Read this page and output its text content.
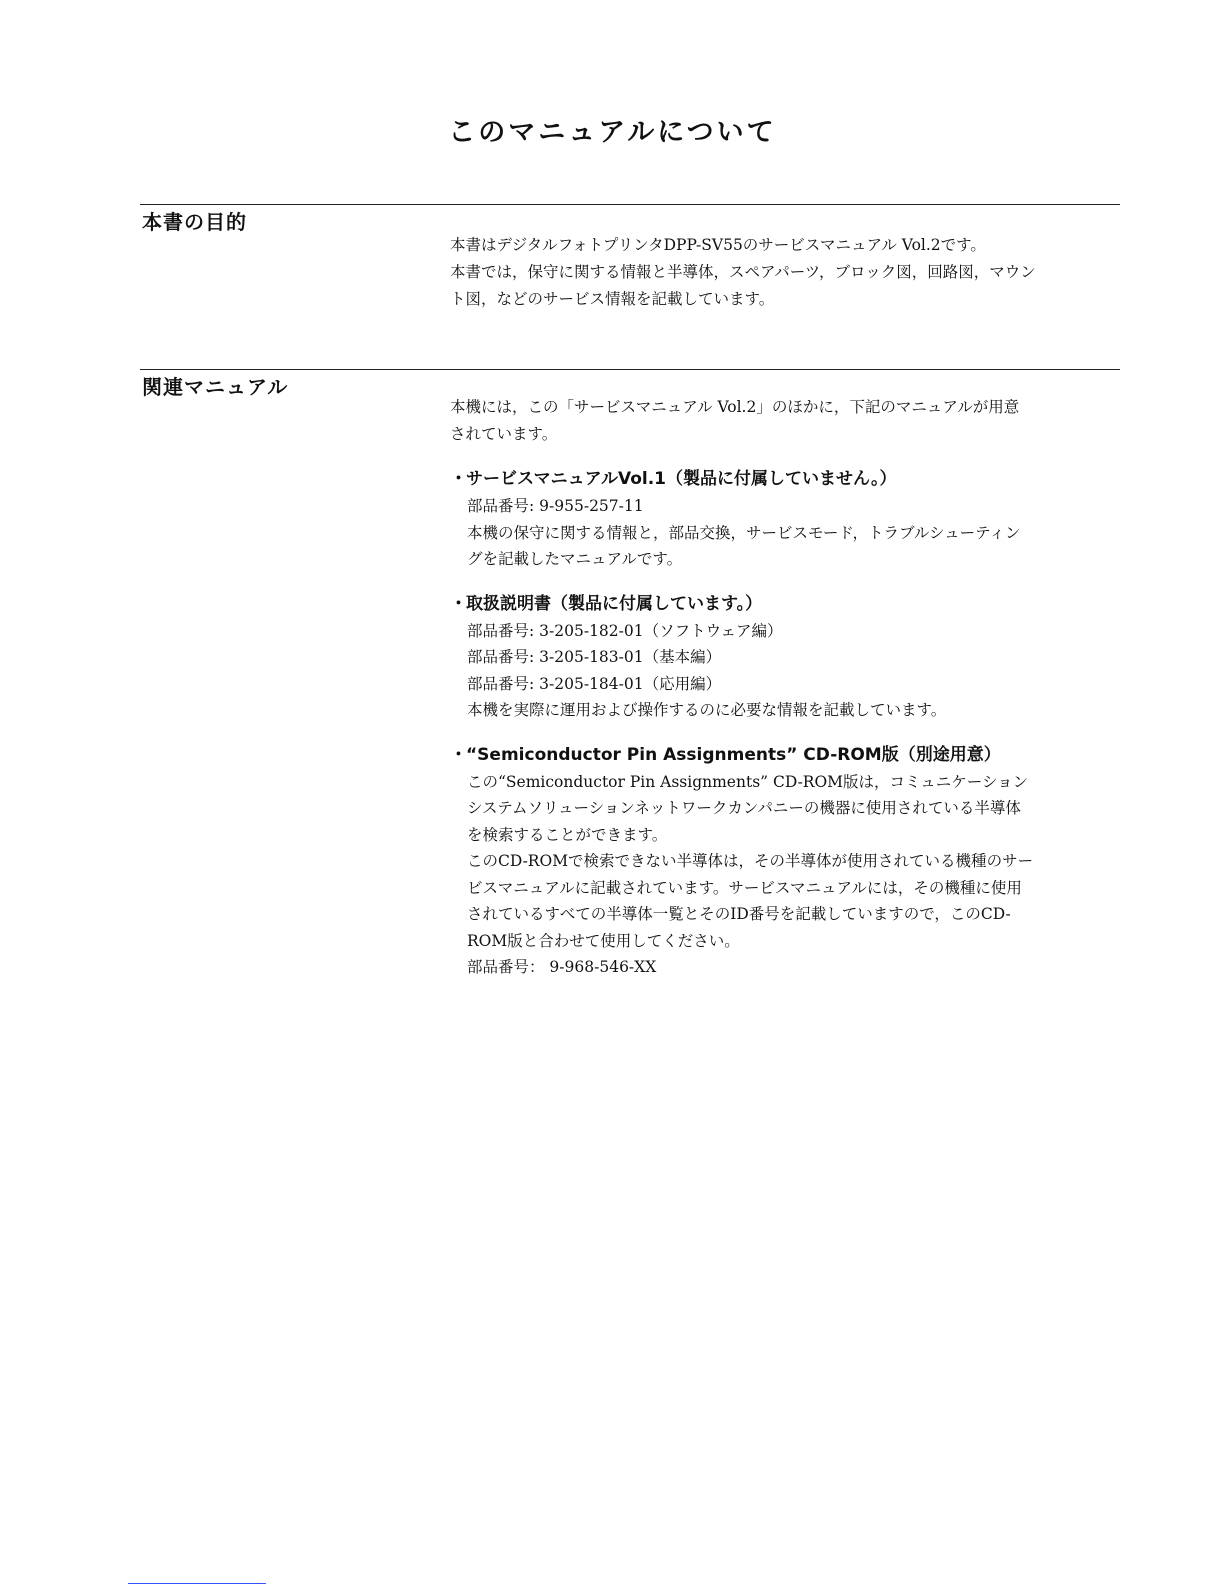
このマニュアルについて
本書の目的

本書はデジタルフォトプリンタDPP-SV55のサービスマニュアル Vol.2です。

本書では，保守に関する情報と半導体，スペアパーツ，ブロック図，回路図，マウン

ト図，などのサービス情報を記載しています。

関連マニュアル

本機には，この「サービスマニュアル Vol.2」のほかに，下記のマニュアルが用意

されています。

・サービスマニュアルVol.1（製品に付属していません。）

部品番号: 9-955-257-11

本機の保守に関する情報と，部品交換，サービスモード，トラブルシューティン

グを記載したマニュアルです。

・取扱説明書（製品に付属しています。）

部品番号: 3-205-182-01（ソフトウェア編）

部品番号: 3-205-183-01（基本編）

部品番号: 3-205-184-01（応用編）

本機を実際に運用および操作するのに必要な情報を記載しています。

・“Semiconductor Pin Assignments” CD-ROM版（別途用意）

この“Semiconductor Pin Assignments” CD-ROM版は，コミュニケーション

システムソリューションネットワークカンパニーの機器に使用されている半導体

を検索することができます。

このCD-ROMで検索できない半導体は，その半導体が使用されている機種のサー

ビスマニュアルに記載されています。サービスマニュアルには，その機種に使用

されているすべての半導体一覧とそのID番号を記載していますので，このCD-

ROM版と合わせて使用してください。

部品番号： 9-968-546-XX
